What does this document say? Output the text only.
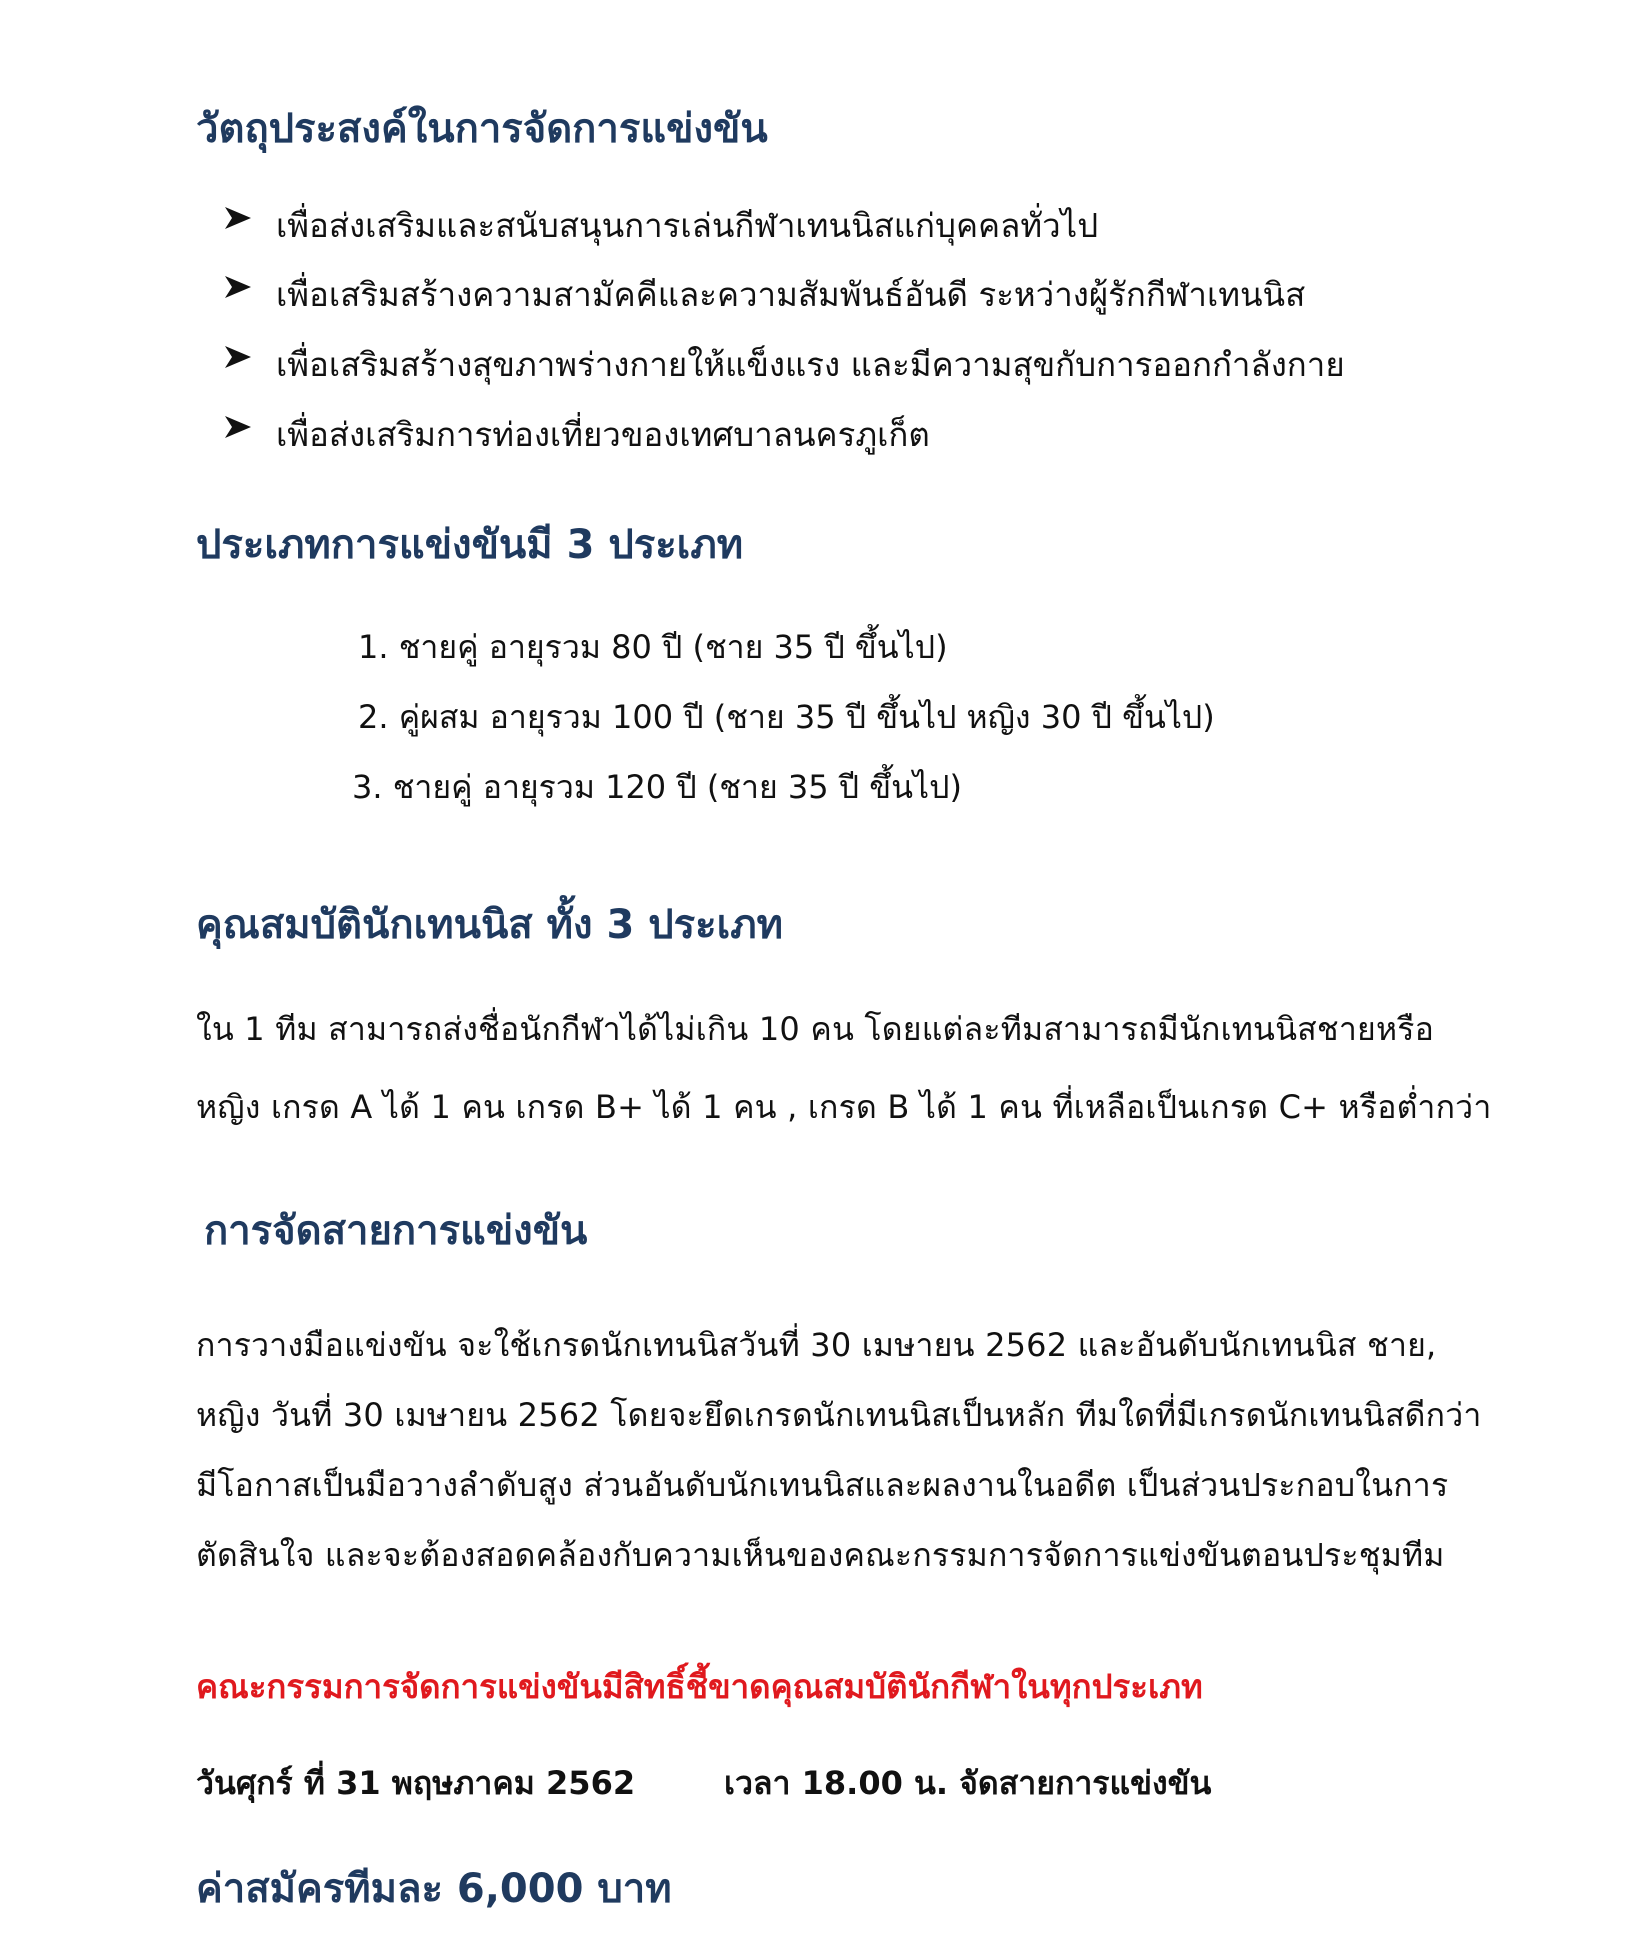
วัตถุประสงค์ในการจัดการแข่งขัน
เพื่อส่งเสริมและสนับสนุนการเล่นกีฬาเทนนิสแก่บุคคลทั่วไป
เพื่อเสริมสร้างความสามัคคีและความสัมพันธ์อันดี ระหว่างผู้รักกีฬาเทนนิส
เพื่อเสริมสร้างสุขภาพร่างกายให้แข็งแรง และมีความสุขกับการออกกำลังกาย
เพื่อส่งเสริมการท่องเที่ยวของเทศบาลนครภูเก็ต
ประเภทการแข่งขันมี 3 ประเภท
1. ชายคู่ อายุรวม 80 ปี (ชาย 35 ปี ขึ้นไป)
2. คู่ผสม อายุรวม 100 ปี (ชาย 35 ปี ขึ้นไป หญิง 30 ปี ขึ้นไป)
3. ชายคู่ อายุรวม 120 ปี (ชาย 35 ปี ขึ้นไป)
คุณสมบัตินักเทนนิส ทั้ง 3 ประเภท
ใน 1 ทีม สามารถส่งชื่อนักกีฬาได้ไม่เกิน 10 คน โดยแต่ละทีมสามารถมีนักเทนนิสชายหรือ
หญิง เกรด A ได้ 1 คน เกรด B+ ได้ 1 คน , เกรด B ได้ 1 คน ที่เหลือเป็นเกรด C+ หรือต่ำกว่า
การจัดสายการแข่งขัน
การวางมือแข่งขัน จะใช้เกรดนักเทนนิสวันที่ 30 เมษายน 2562 และอันดับนักเทนนิส ชาย,
หญิง วันที่ 30 เมษายน 2562 โดยจะยึดเกรดนักเทนนิสเป็นหลัก ทีมใดที่มีเกรดนักเทนนิสดีกว่า
มีโอกาสเป็นมือวางลำดับสูง ส่วนอันดับนักเทนนิสและผลงานในอดีต เป็นส่วนประกอบในการ
ตัดสินใจ และจะต้องสอดคล้องกับความเห็นของคณะกรรมการจัดการแข่งขันตอนประชุมทีม
คณะกรรมการจัดการแข่งขันมีสิทธิ์ชี้ขาดคุณสมบัตินักกีฬาในทุกประเภท
วันศุกร์ ที่ 31 พฤษภาคม 2562	เวลา 18.00 น. จัดสายการแข่งขัน
ค่าสมัครทีมละ 6,000 บาท
